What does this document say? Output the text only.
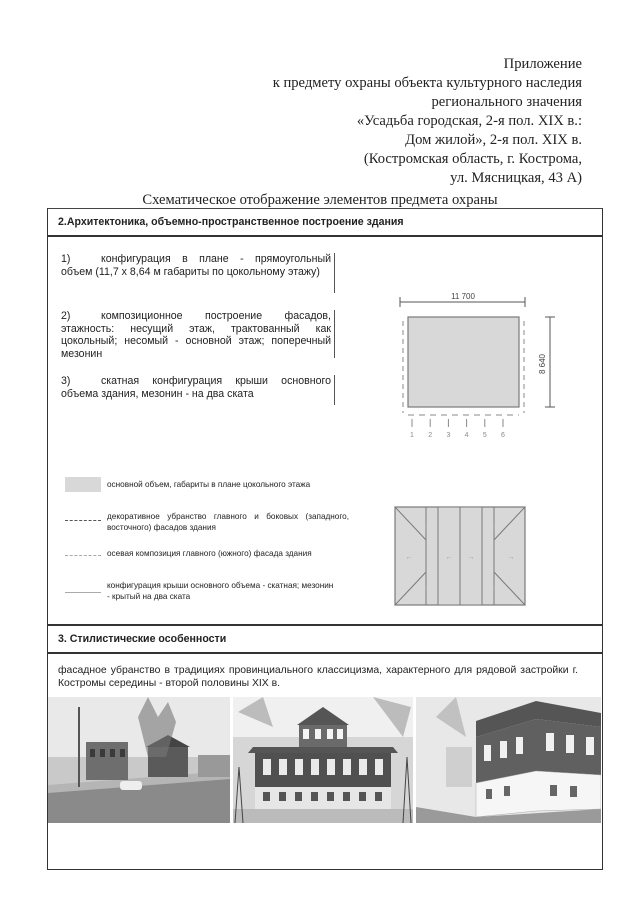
Приложение
к предмету охраны объекта культурного наследия
регионального значения
«Усадьба городская, 2-я пол. XIX в.:
Дом жилой», 2-я пол. XIX в.
(Костромская область, г. Кострома,
ул. Мясницкая, 43 А)
Схематическое отображение элементов предмета охраны
2.Архитектоника, объемно-пространственное построение здания
1)	конфигурация в плане - прямоугольный объем (11,7 х 8,64 м габариты по цокольному этажу)
2)	композиционное построение фасадов, этажность: несущий этаж, трактованный как цокольный; несомый - основной этаж; поперечный мезонин
3)	скатная конфигурация крыши основного объема здания, мезонин - на два ската
11 700
8 640
1 2 3 4 5 6
основной объем, габариты в плане цокольного этажа
декоративное убранство главного и боковых (западного, восточного) фасадов здания
осевая композиция главного (южного) фасада здания
конфигурация крыши основного объема - скатная; мезонин - крытый на два ската
↑	↑
←	← →	→
↓	↓
3. Стилистические особенности
фасадное убранство в традициях провинциального классицизма, характерного для рядовой застройки г. Костромы середины - второй половины XIX в.
